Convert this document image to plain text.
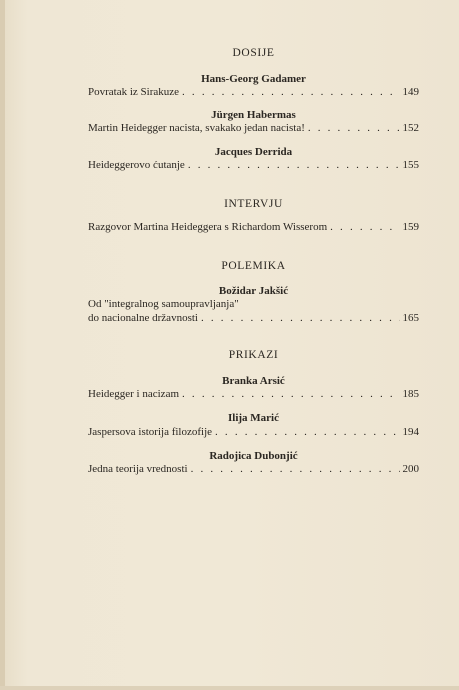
DOSIJE
Hans-Georg Gadamer
Povratak iz Sirakuze . . .	149
Jürgen Habermas
Martin Heidegger nacista, svakako jedan nacista! . . .	152
Jacques Derrida
Heideggerovo ćutanje . . .	155
INTERVJU
Razgovor Martina Heideggera s Richardom Wisserom . . .	159
POLEMIKA
Božidar Jakšić
Od "integralnog samoupravljanja"
do nacionalne državnosti . . .	165
PRIKAZI
Branka Arsić
Heidegger i nacizam . . .	185
Ilija Marić
Jaspersova istorija filozofije . . .	194
Radojica Dubonjić
Jedna teorija vrednosti . . .	200
